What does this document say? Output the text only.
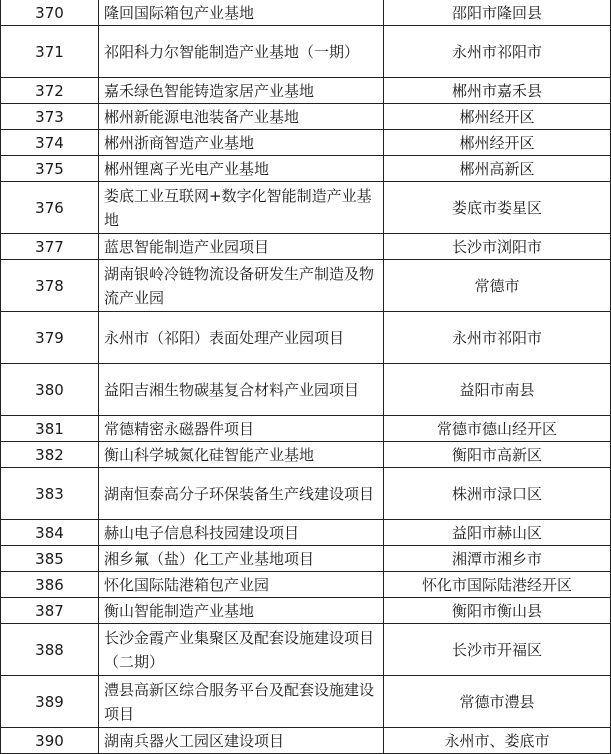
370	隆回国际箱包产业基地	邵阳市隆回县
371	祁阳科力尔智能制造产业基地（一期）	永州市祁阳市
372	嘉禾绿色智能铸造家居产业基地	郴州市嘉禾县
373	郴州新能源电池装备产业基地	郴州经开区
374	郴州浙商智造产业基地	郴州经开区
375	郴州锂离子光电产业基地	郴州高新区
376	娄底工业互联网+数字化智能制造产业基地	娄底市娄星区
377	蓝思智能制造产业园项目	长沙市浏阳市
378	湖南银岭冷链物流设备研发生产制造及物流产业园	常德市
379	永州市（祁阳）表面处理产业园项目	永州市祁阳市
380	益阳吉湘生物碳基复合材料产业园项目	益阳市南县
381	常德精密永磁器件项目	常德市德山经开区
382	衡山科学城氮化硅智能产业基地	衡阳市高新区
383	湖南恒泰高分子环保装备生产线建设项目	株洲市渌口区
384	赫山电子信息科技园建设项目	益阳市赫山区
385	湘乡氟（盐）化工产业基地项目	湘潭市湘乡市
386	怀化国际陆港箱包产业园	怀化市国际陆港经开区
387	衡山智能制造产业基地	衡阳市衡山县
388	长沙金霞产业集聚区及配套设施建设项目（二期）	长沙市开福区
389	澧县高新区综合服务平台及配套设施建设项目	常德市澧县
390	湖南兵器火工园区建设项目	永州市、娄底市
